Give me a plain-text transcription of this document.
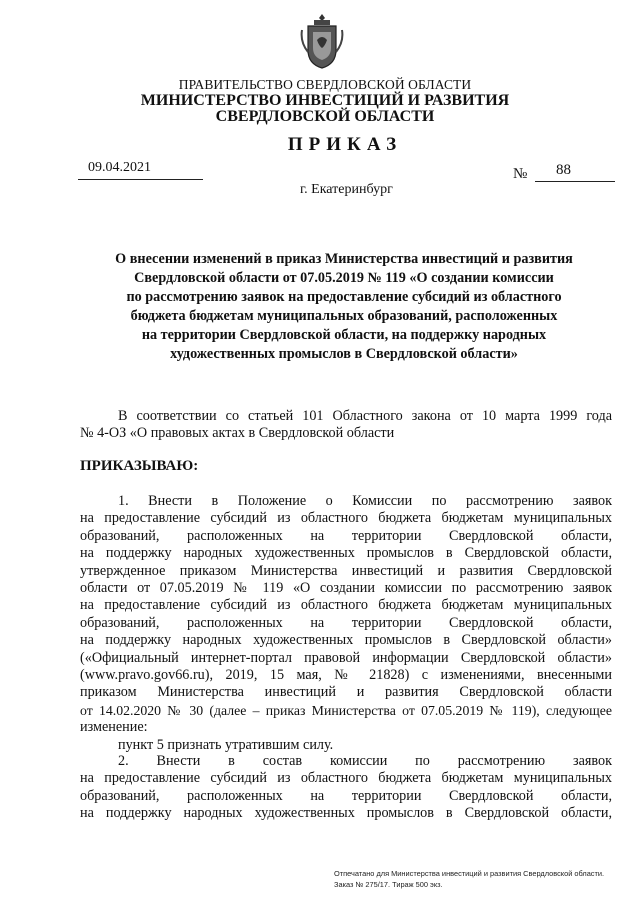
ПРАВИТЕЛЬСТВО СВЕРДЛОВСКОЙ ОБЛАСТИ
МИНИСТЕРСТВО ИНВЕСТИЦИЙ И РАЗВИТИЯ
СВЕРДЛОВСКОЙ ОБЛАСТИ
ПРИКАЗ
09.04.2021	№ 88
г. Екатеринбург
О внесении изменений в приказ Министерства инвестиций и развития
Свердловской области от 07.05.2019 № 119 «О создании комиссии
по рассмотрению заявок на предоставление субсидий из областного
бюджета бюджетам муниципальных образований, расположенных
на территории Свердловской области, на поддержку народных
художественных промыслов в Свердловской области»
В соответствии со статьей 101 Областного закона от 10 марта 1999 года
№ 4-ОЗ «О правовых актах в Свердловской области
ПРИКАЗЫВАЮ:
1. Внести в Положение о Комиссии по рассмотрению заявок
на предоставление субсидий из областного бюджета бюджетам муниципальных
образований, расположенных на территории Свердловской области,
на поддержку народных художественных промыслов в Свердловской области,
утвержденное приказом Министерства инвестиций и развития Свердловской
области от 07.05.2019 № 119 «О создании комиссии по рассмотрению заявок
на предоставление субсидий из областного бюджета бюджетам муниципальных
образований, расположенных на территории Свердловской области,
на поддержку народных художественных промыслов в Свердловской области»
(«Официальный интернет-портал правовой информации Свердловской области»
(www.pravo.gov66.ru), 2019, 15 мая, № 21828) с изменениями, внесенными
приказом Министерства инвестиций и развития Свердловской области
от 14.02.2020 № 30 (далее – приказ Министерства от 07.05.2019 № 119), следующее
изменение:
пункт 5 признать утратившим силу.
2. Внести в состав комиссии по рассмотрению заявок
на предоставление субсидий из областного бюджета бюджетам муниципальных
образований, расположенных на территории Свердловской области,
на поддержку народных художественных промыслов в Свердловской области,
Отпечатано для Министерства инвестиций и развития Свердловской области.
Заказ № 275/17. Тираж 500 экз.
